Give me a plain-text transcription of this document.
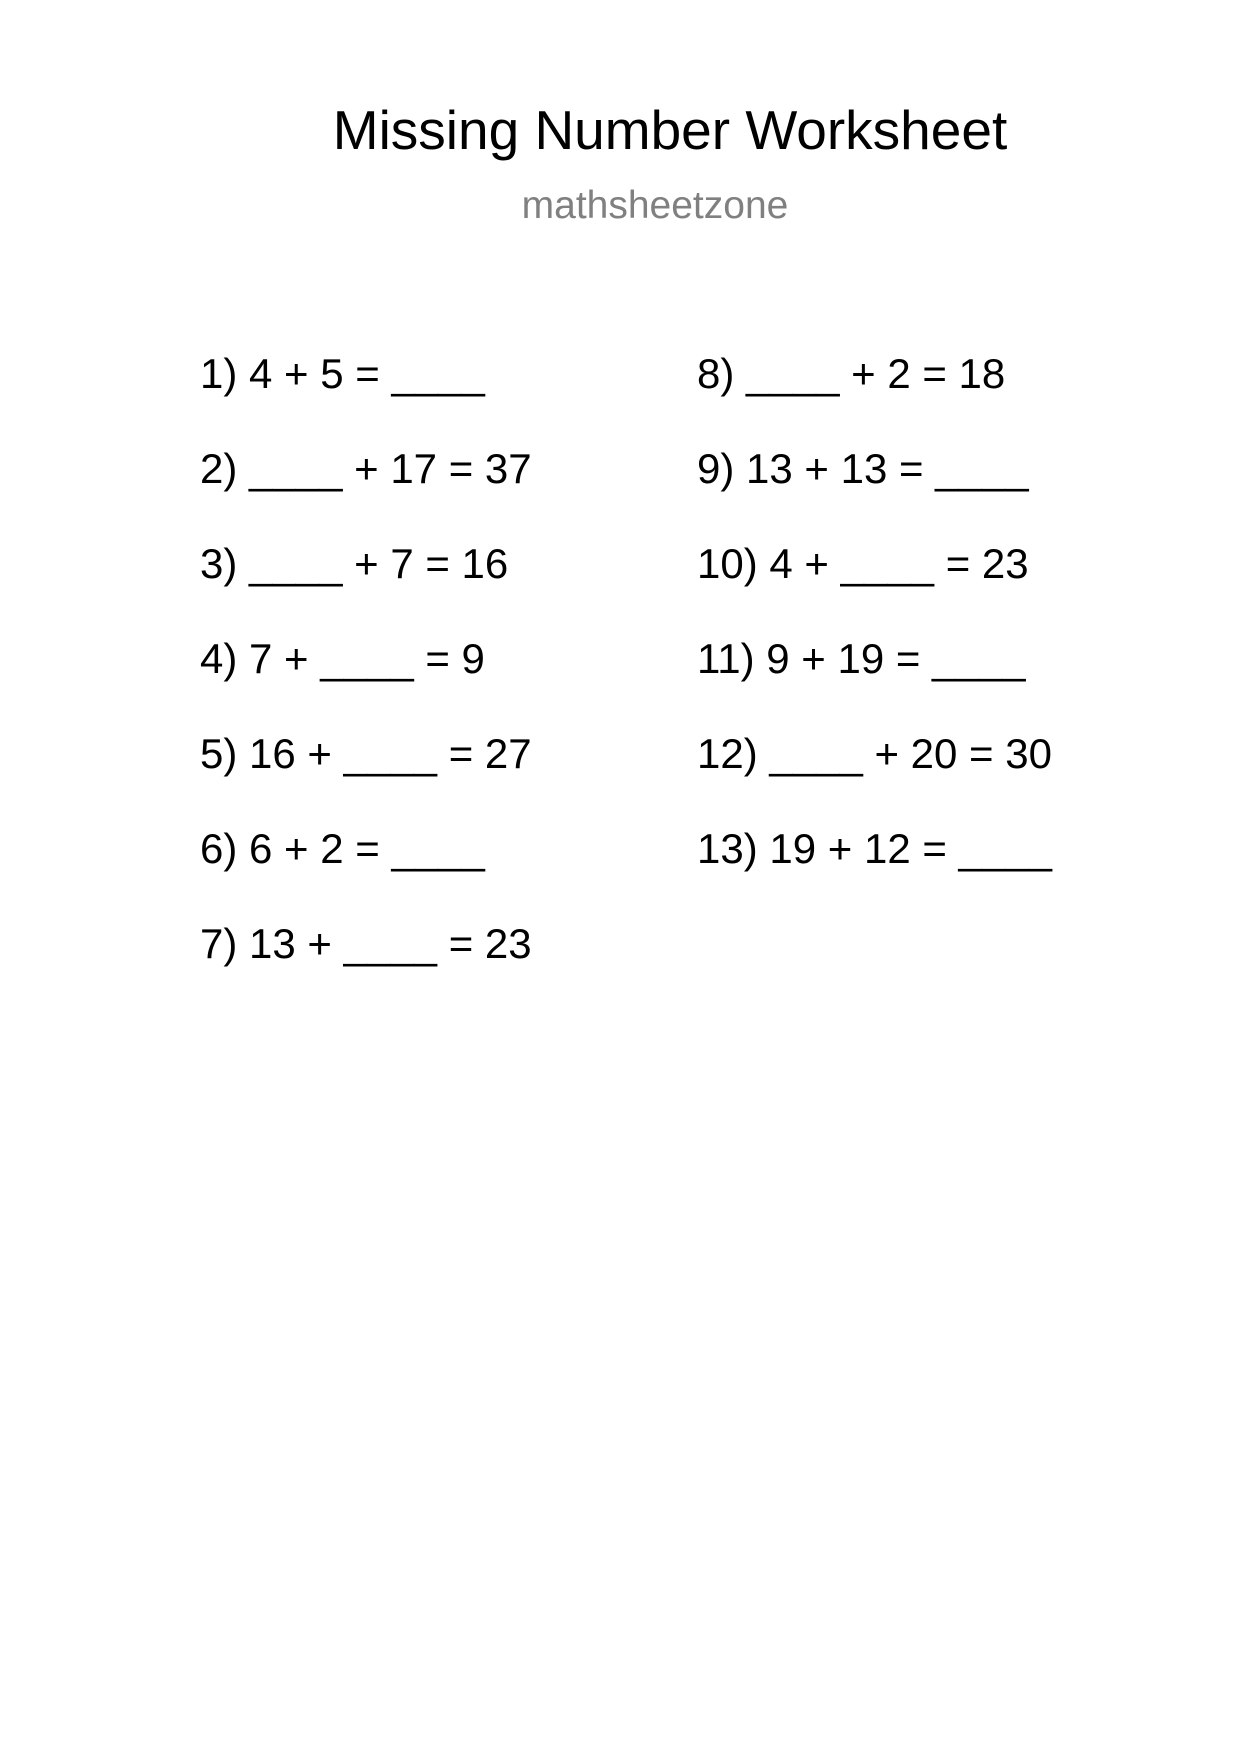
Missing Number Worksheet
mathsheetzone
1) 4 + 5 = ____
2) ____ + 17 = 37
3) ____ + 7 = 16
4) 7 + ____ = 9
5) 16 + ____ = 27
6) 6 + 2 = ____
7) 13 + ____ = 23
8) ____ + 2 = 18
9) 13 + 13 = ____
10) 4 + ____ = 23
11) 9 + 19 = ____
12) ____ + 20 = 30
13) 19 + 12 = ____
